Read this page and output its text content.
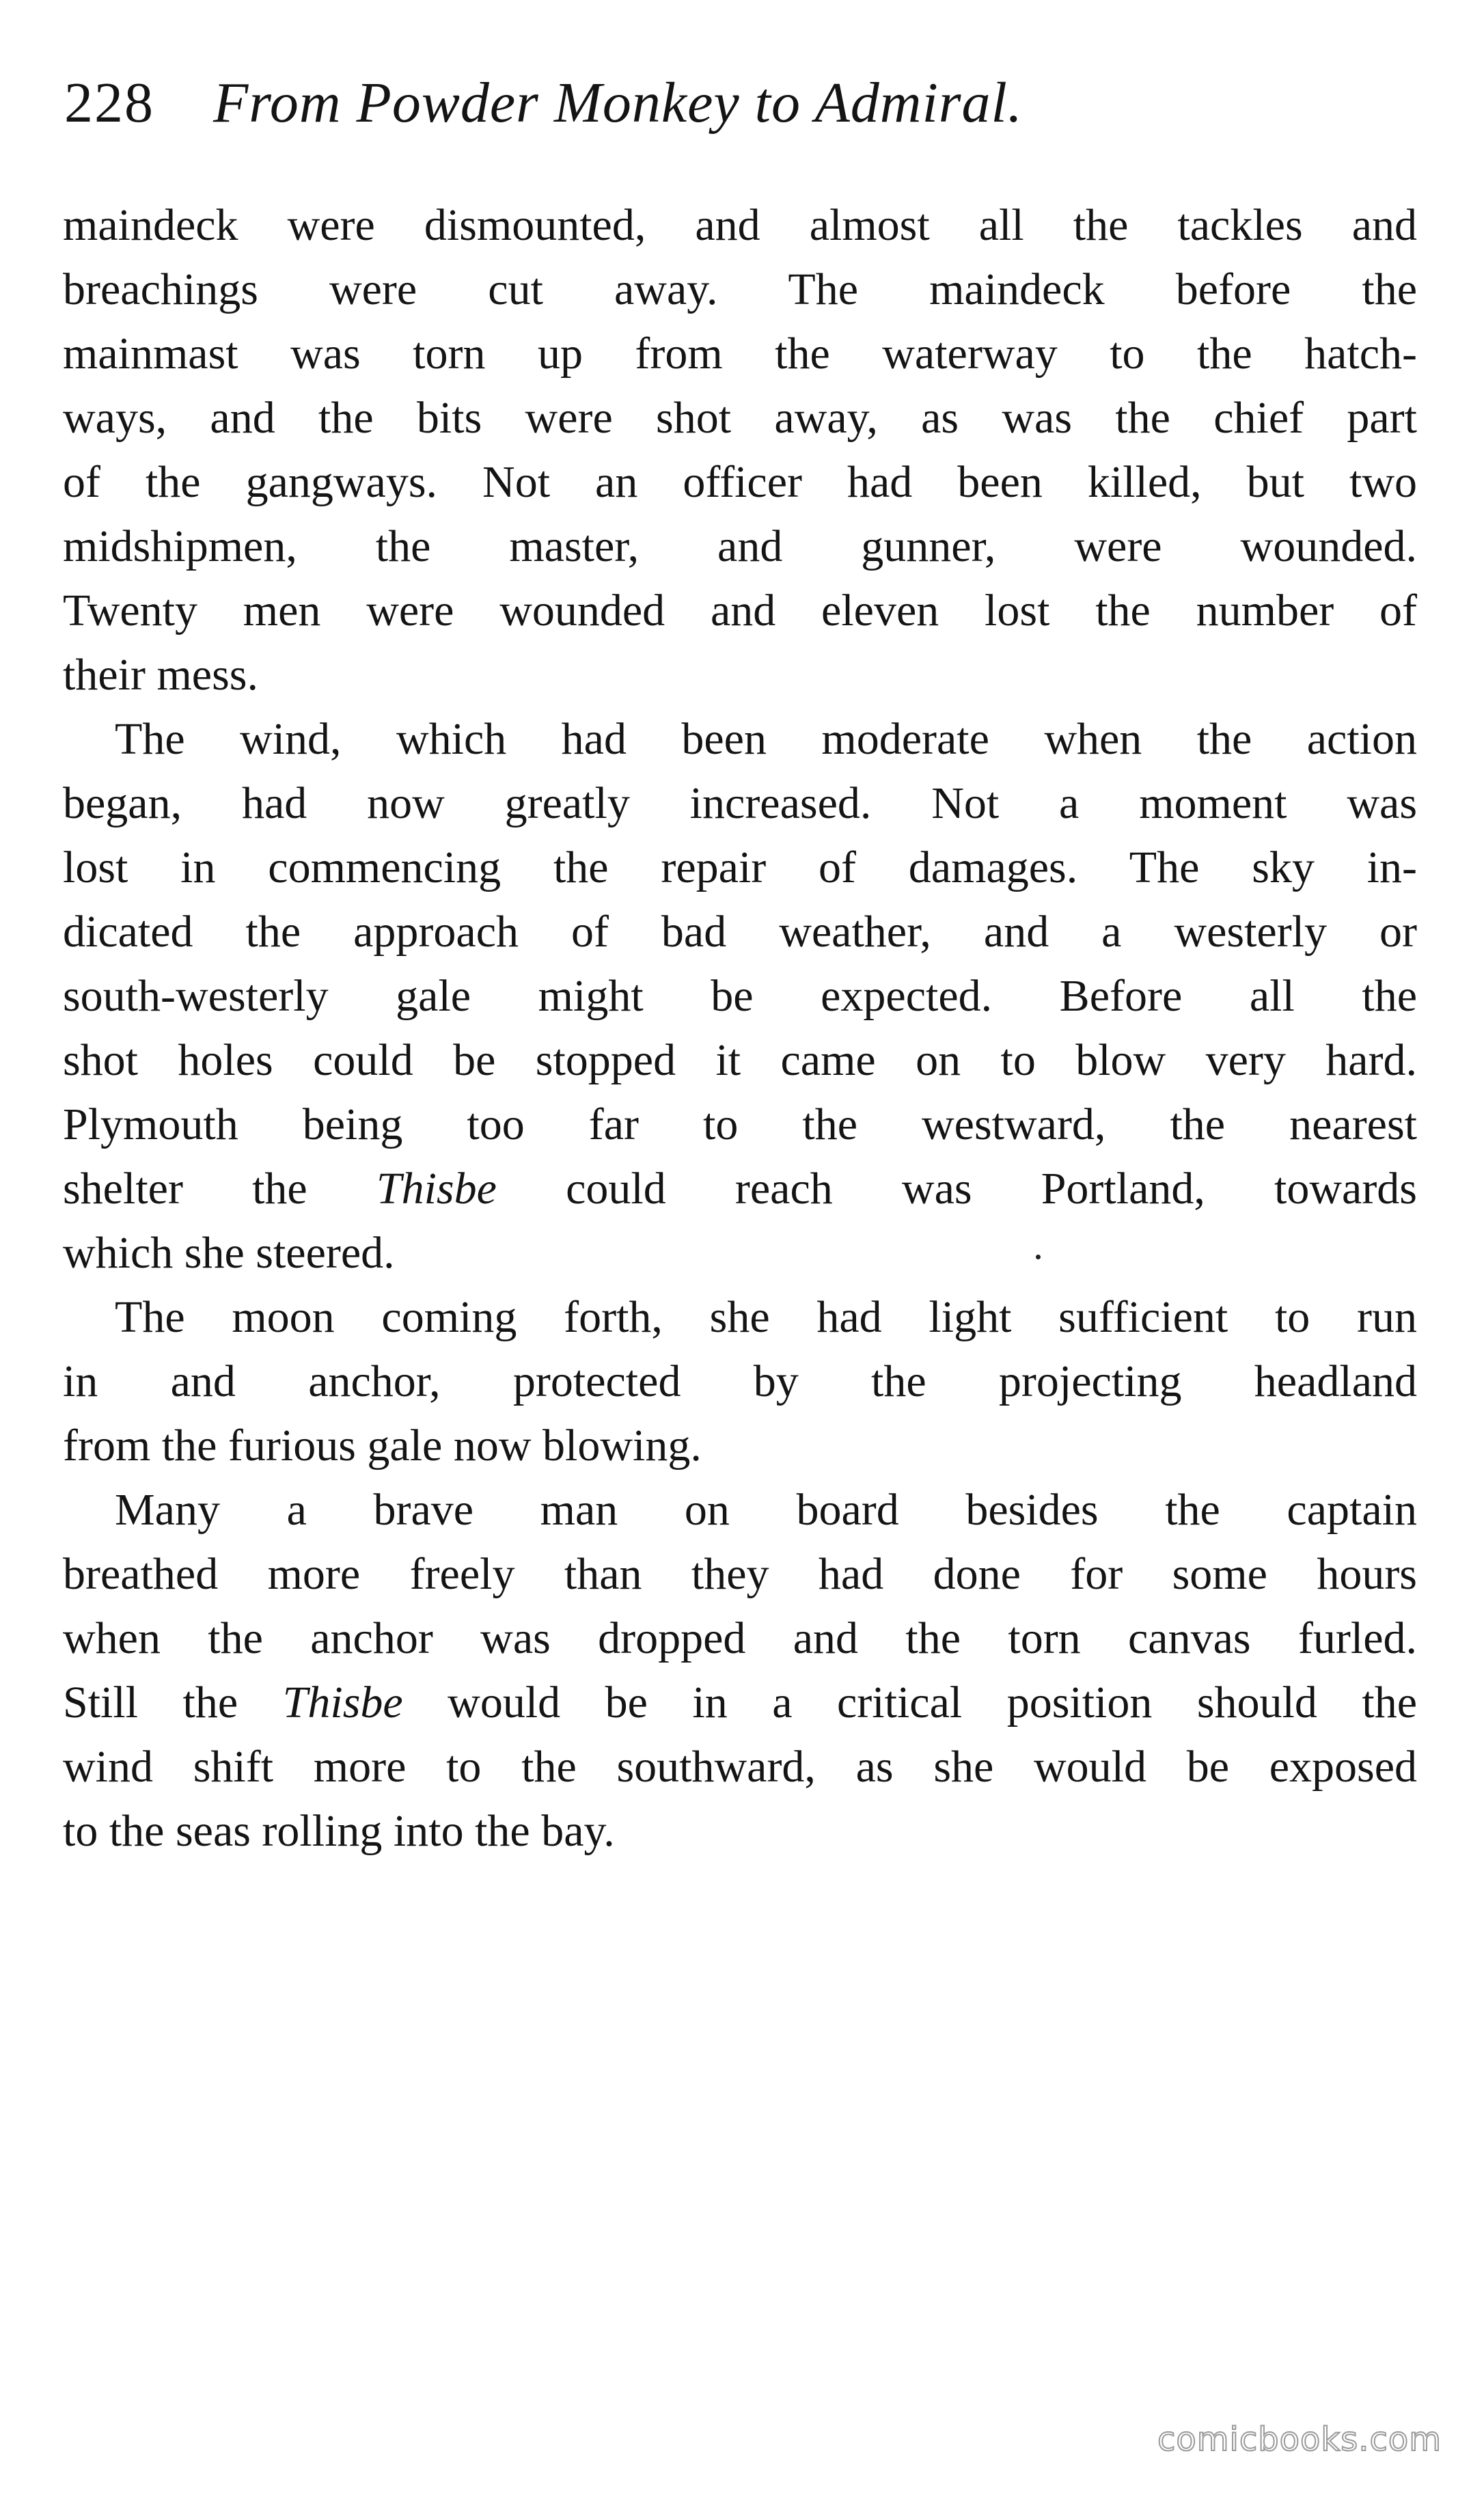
228 From Powder Monkey to Admiral.

maindeck were dismounted, and almost all the tackles and
breachings were cut away. The maindeck before the
mainmast was torn up from the waterway to the hatch-
ways, and the bits were shot away, as was the chief part
of the gangways. Not an officer had been killed, but two
midshipmen, the master, and gunner, were wounded.
Twenty men were wounded and eleven lost the number of
their mess.

The wind, which had been moderate when the action
began, had now greatly increased. Not a moment was
lost in commencing the repair of damages. The sky in-
dicated the approach of bad weather, and a westerly or
south-westerly gale might be expected. Before all the
shot holes could be stopped it came on to blow very hard.
Plymouth being too far to the westward, the nearest
shelter the Thisbe could reach was Portland, towards
which she steered.

The moon coming forth, she had light sufficient to run
in and anchor, protected by the projecting headland
from the furious gale now blowing.

Many a brave man on board besides the captain
breathed more freely than they had done for some hours
when the anchor was dropped and the torn canvas furled.
Still the Thisbe would be in a critical position should the
wind shift more to the southward, as she would be exposed
to the seas rolling into the bay.

comicbooks.com
